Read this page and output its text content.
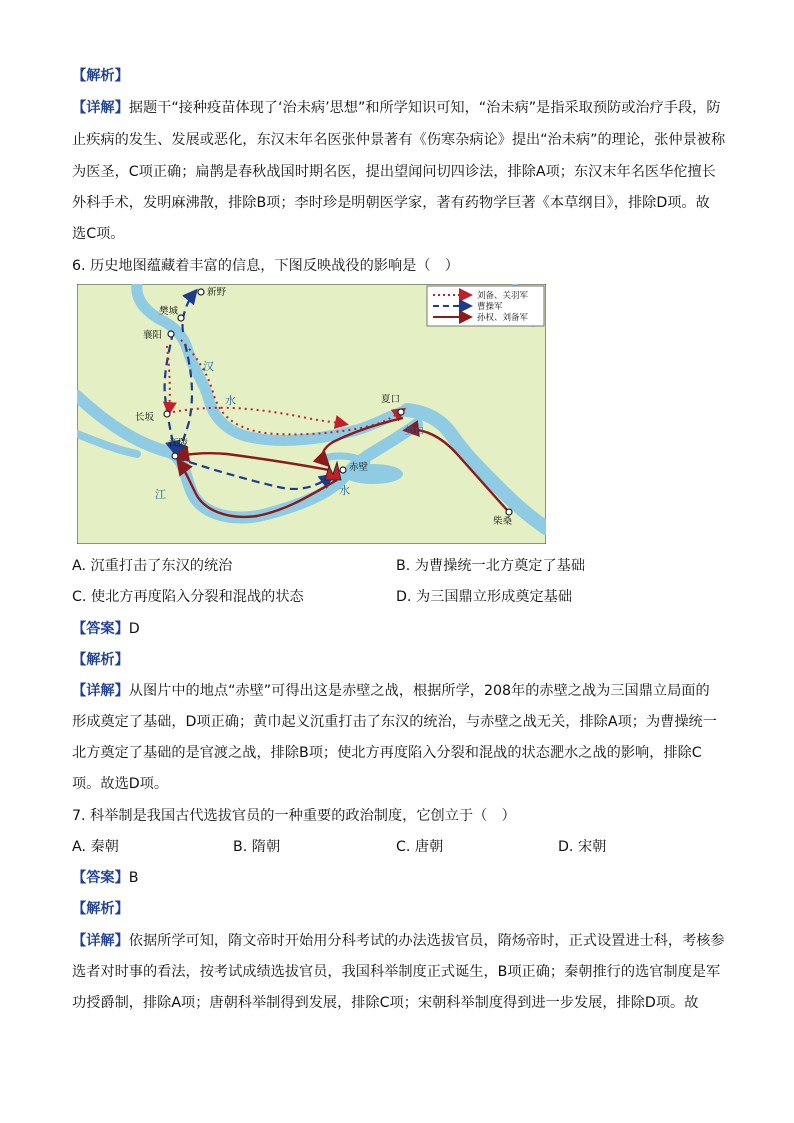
【解析】
【详解】据题干“接种疫苗体现了‘治未病’思想”和所学知识可知，“治未病”是指采取预防或治疗手段，防
止疾病的发生、发展或恶化，东汉末年名医张仲景著有《伤寒杂病论》提出“治未病”的理论，张仲景被称
为医圣，C项正确；扁鹊是春秋战国时期名医，提出望闻问切四诊法，排除A项；东汉末年名医华佗擅长
外科手术，发明麻沸散，排除B项；李时珍是明朝医学家，著有药物学巨著《本草纲目》，排除D项。故
选C项。
6. 历史地图蕴藏着丰富的信息，下图反映战役的影响是（　）
新野
樊城
襄阳
长坂
江陵
赤壁
夏口
柴桑
汉
水
江	水
樊口
刘备、关羽军
曹操军
孙权、刘备军
A. 沉重打击了东汉的统治	B. 为曹操统一北方奠定了基础
C. 使北方再度陷入分裂和混战的状态	D. 为三国鼎立形成奠定基础
【答案】D
【解析】
【详解】从图片中的地点“赤壁”可得出这是赤壁之战，根据所学，208年的赤壁之战为三国鼎立局面的
形成奠定了基础，D项正确；黄巾起义沉重打击了东汉的统治，与赤壁之战无关，排除A项；为曹操统一
北方奠定了基础的是官渡之战，排除B项；使北方再度陷入分裂和混战的状态淝水之战的影响，排除C
项。故选D项。
7. 科举制是我国古代选拔官员的一种重要的政治制度，它创立于（　）
A. 秦朝	B. 隋朝	C. 唐朝	D. 宋朝
【答案】B
【解析】
【详解】依据所学可知，隋文帝时开始用分科考试的办法选拔官员，隋炀帝时，正式设置进士科，考核参
选者对时事的看法，按考试成绩选拔官员，我国科举制度正式诞生，B项正确；秦朝推行的选官制度是军
功授爵制，排除A项；唐朝科举制得到发展，排除C项；宋朝科举制度得到进一步发展，排除D项。故
